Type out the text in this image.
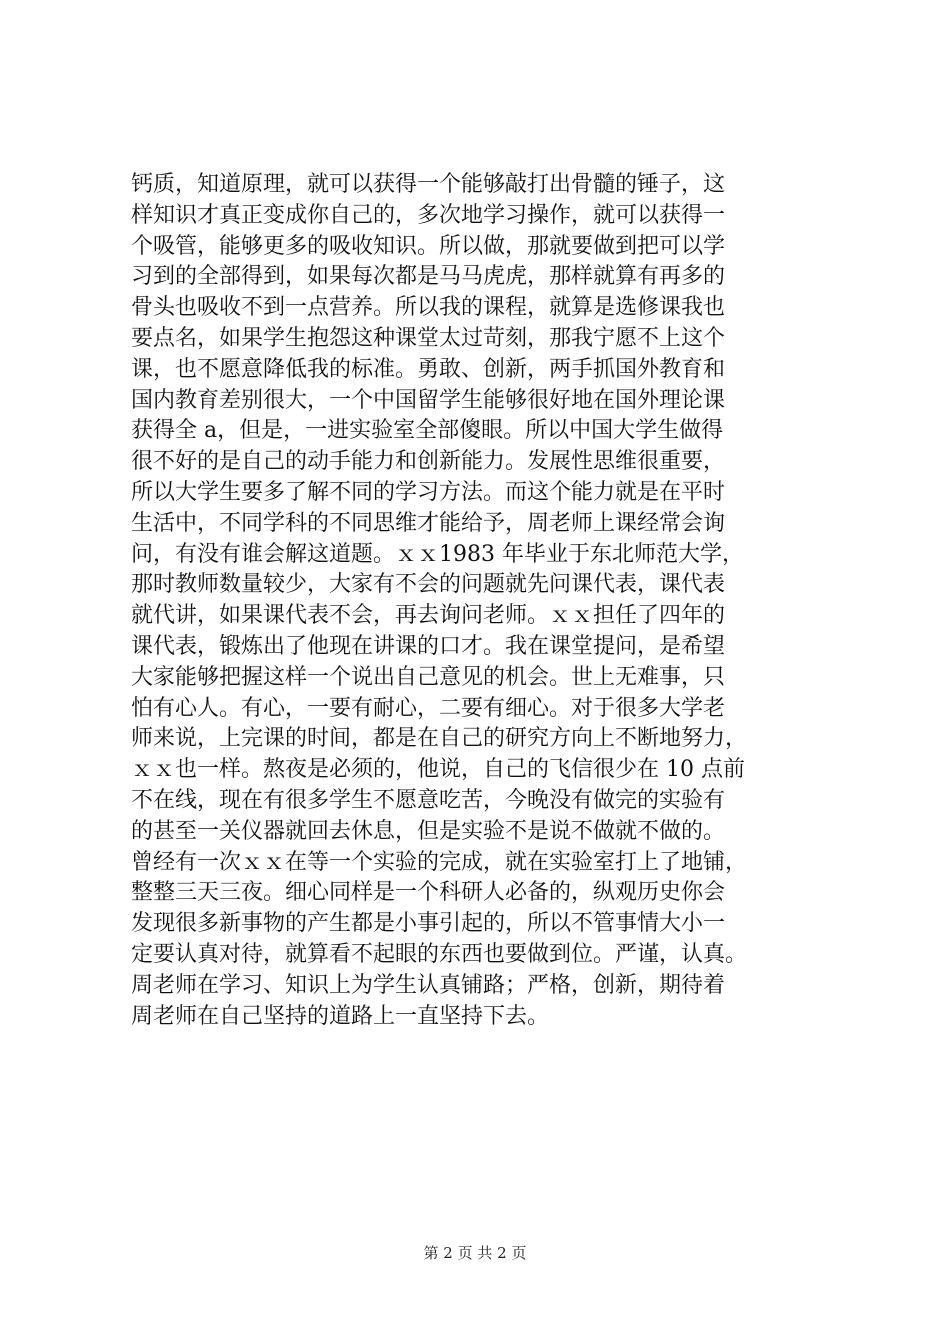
钙质，知道原理，就可以获得一个能够敲打出骨髓的锤子，这
样知识才真正变成你自己的，多次地学习操作，就可以获得一
个吸管，能够更多的吸收知识。所以做，那就要做到把可以学
习到的全部得到，如果每次都是马马虎虎，那样就算有再多的
骨头也吸收不到一点营养。所以我的课程，就算是选修课我也
要点名，如果学生抱怨这种课堂太过苛刻，那我宁愿不上这个
课，也不愿意降低我的标准。勇敢、创新，两手抓国外教育和
国内教育差别很大，一个中国留学生能够很好地在国外理论课
获得全 a，但是，一进实验室全部傻眼。所以中国大学生做得
很不好的是自己的动手能力和创新能力。发展性思维很重要，
所以大学生要多了解不同的学习方法。而这个能力就是在平时
生活中，不同学科的不同思维才能给予，周老师上课经常会询
问，有没有谁会解这道题。ｘｘ1983 年毕业于东北师范大学，
那时教师数量较少，大家有不会的问题就先问课代表，课代表
就代讲，如果课代表不会，再去询问老师。ｘｘ担任了四年的
课代表，锻炼出了他现在讲课的口才。我在课堂提问，是希望
大家能够把握这样一个说出自己意见的机会。世上无难事，只
怕有心人。有心，一要有耐心，二要有细心。对于很多大学老
师来说，上完课的时间，都是在自己的研究方向上不断地努力，
ｘｘ也一样。熬夜是必须的，他说，自己的飞信很少在 10 点前
不在线，现在有很多学生不愿意吃苦，今晚没有做完的实验有
的甚至一关仪器就回去休息，但是实验不是说不做就不做的。
曾经有一次ｘｘ在等一个实验的完成，就在实验室打上了地铺，
整整三天三夜。细心同样是一个科研人必备的，纵观历史你会
发现很多新事物的产生都是小事引起的，所以不管事情大小一
定要认真对待，就算看不起眼的东西也要做到位。严谨，认真。
周老师在学习、知识上为学生认真铺路；严格，创新，期待着
周老师在自己坚持的道路上一直坚持下去。
第 2 页 共 2 页
